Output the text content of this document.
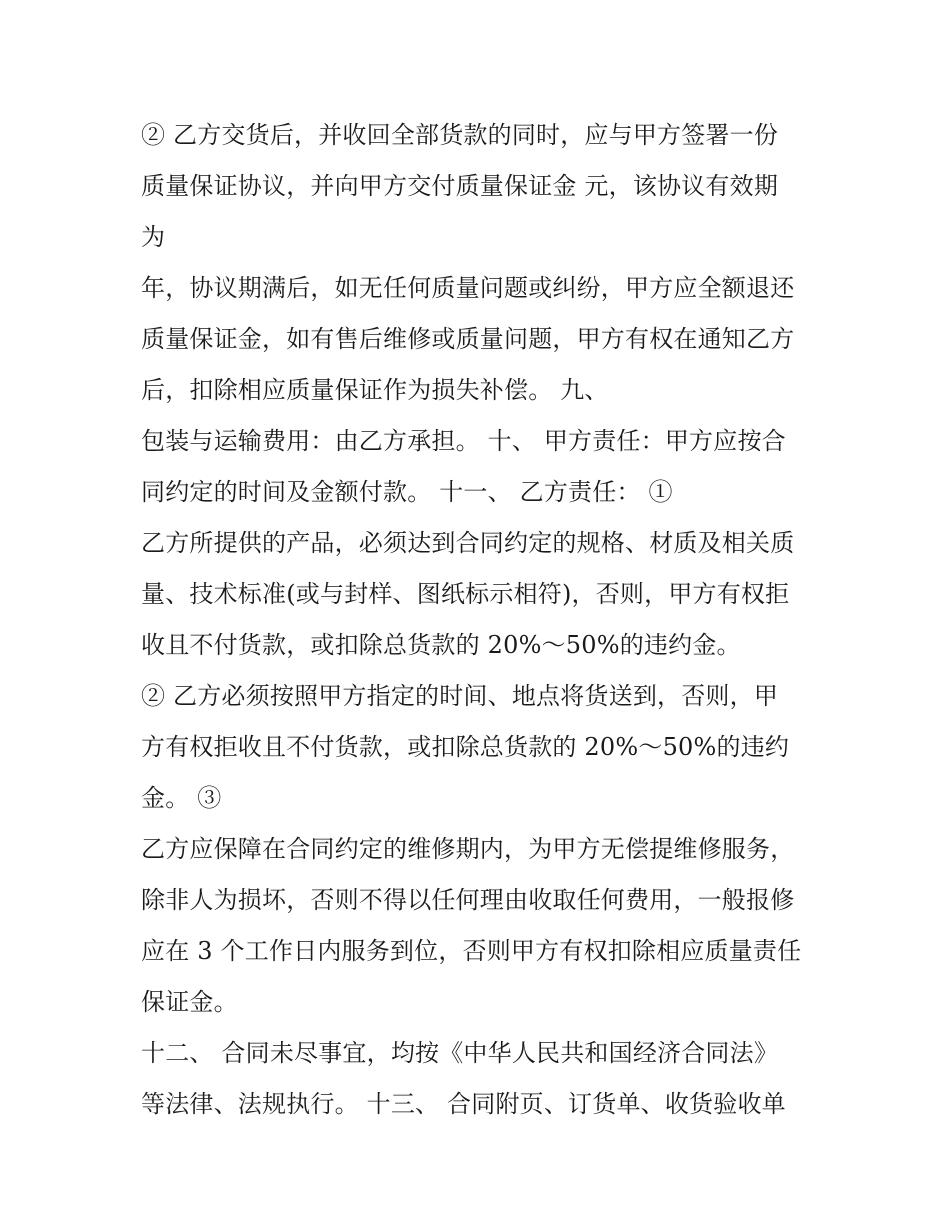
② 乙方交货后，并收回全部货款的同时，应与甲方签署一份
质量保证协议，并向甲方交付质量保证金 元，该协议有效期
为
年，协议期满后，如无任何质量问题或纠纷，甲方应全额退还
质量保证金，如有售后维修或质量问题，甲方有权在通知乙方
后，扣除相应质量保证作为损失补偿。 九、
包装与运输费用：由乙方承担。 十、 甲方责任：甲方应按合
同约定的时间及金额付款。 十一、 乙方责任： ①
乙方所提供的产品，必须达到合同约定的规格、材质及相关质
量、技术标准(或与封样、图纸标示相符)，否则，甲方有权拒
收且不付货款，或扣除总货款的 20%～50%的违约金。
② 乙方必须按照甲方指定的时间、地点将货送到，否则，甲
方有权拒收且不付货款，或扣除总货款的 20%～50%的违约
金。 ③
乙方应保障在合同约定的维修期内，为甲方无偿提维修服务，
除非人为损坏，否则不得以任何理由收取任何费用，一般报修
应在 3 个工作日内服务到位，否则甲方有权扣除相应质量责任
保证金。
十二、 合同未尽事宜，均按《中华人民共和国经济合同法》
等法律、法规执行。 十三、 合同附页、订货单、收货验收单
